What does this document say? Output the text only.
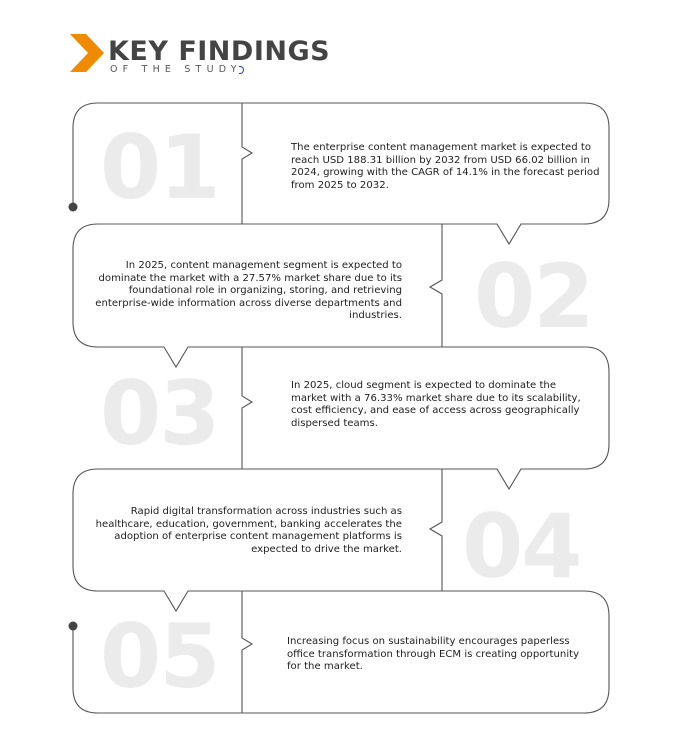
KEY FINDINGS
OF THE STUDY
01
02
03
04
05
The enterprise content management market is expected to reach USD 188.31 billion by 2032 from USD 66.02 billion in 2024, growing with the CAGR of 14.1% in the forecast period from 2025 to 2032.
In 2025, content management segment is expected to dominate the market with a 27.57% market share due to its foundational role in organizing, storing, and retrieving enterprise-wide information across diverse departments and industries.
In 2025, cloud segment is expected to dominate the market with a 76.33% market share due to its scalability, cost efficiency, and ease of access across geographically dispersed teams.
Rapid digital transformation across industries such as healthcare, education, government, banking accelerates the adoption of enterprise content management platforms is expected to drive the market.
Increasing focus on sustainability encourages paperless office transformation through ECM is creating opportunity for the market.
